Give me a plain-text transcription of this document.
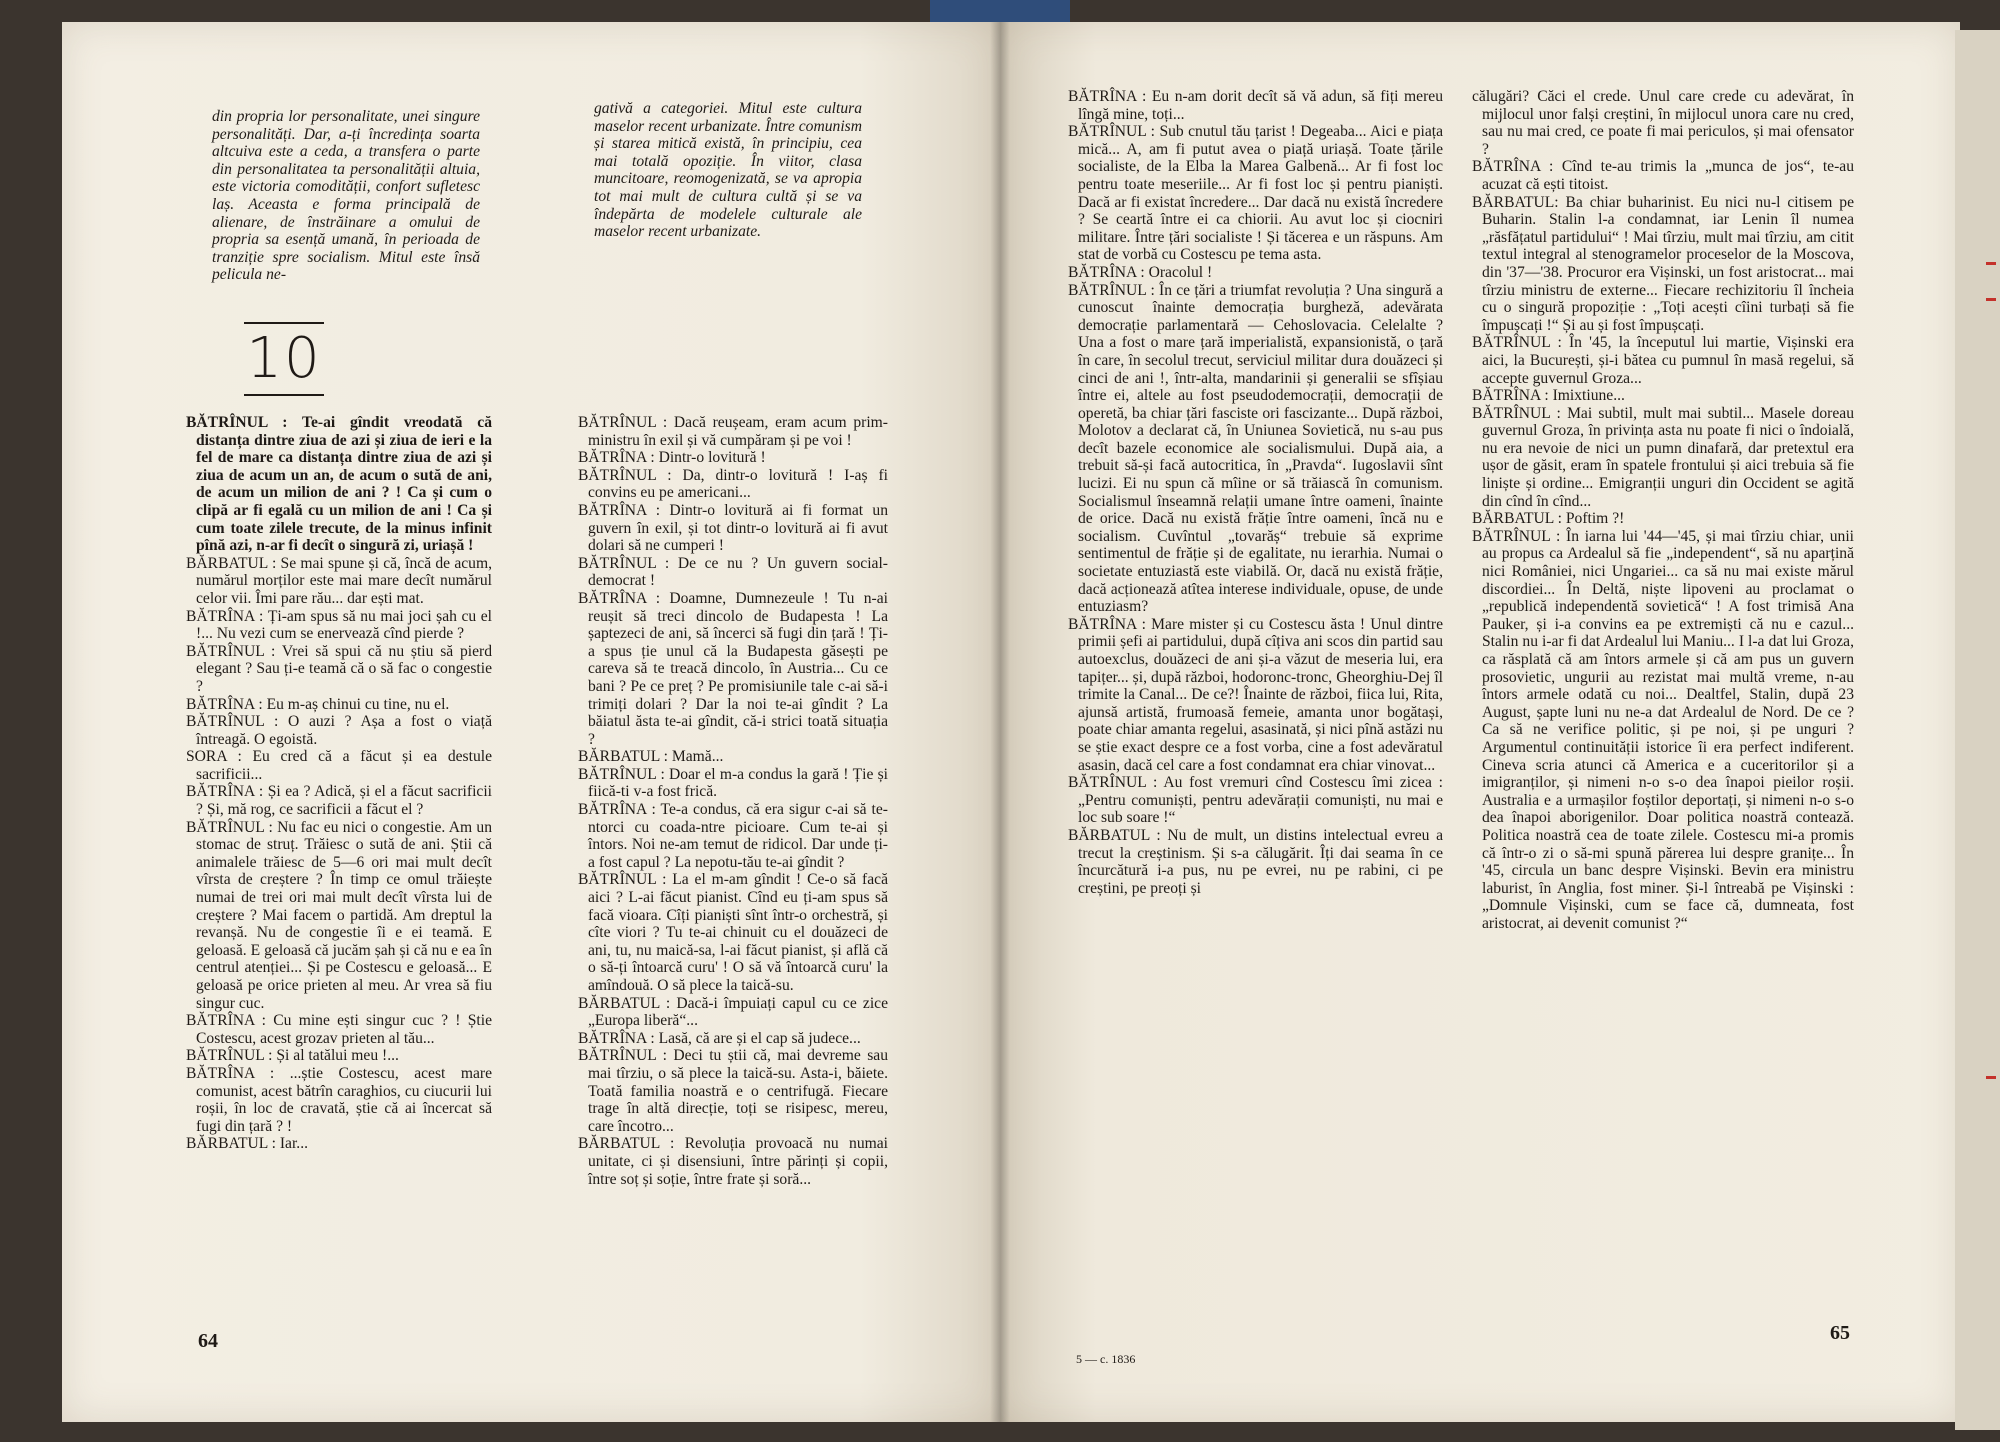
din propria lor personalitate, unei singure personalități. Dar, a-ți încredința soarta altcuiva este a ceda, a transfera o parte din personalitatea ta personalității altuia, este victoria comodității, confort sufletesc laș. Aceasta e forma principală de alienare, de înstrăinare a omului de propria sa esență umană, în perioada de tranziție spre socialism. Mitul este însă pelicula ne-

gativă a categoriei. Mitul este cultura maselor recent urbanizate. Între comunism și starea mitică există, în principiu, cea mai totală opoziție. În viitor, clasa muncitoare, reomogenizată, se va apropia tot mai mult de cultura cultă și se va îndepărta de modelele culturale ale maselor recent urbanizate.

10

BĂTRÎNUL : Te-ai gîndit vreodată că distanța dintre ziua de azi și ziua de ieri e la fel de mare ca distanța dintre ziua de azi și ziua de acum un an, de acum o sută de ani, de acum un milion de ani ? ! Ca și cum o clipă ar fi egală cu un milion de ani ! Ca și cum toate zilele trecute, de la minus infinit pînă azi, n-ar fi decît o singură zi, uriașă !

BĂRBATUL : Se mai spune și că, încă de acum, numărul morților este mai mare decît numărul celor vii. Îmi pare rău... dar ești mat.

BĂTRÎNA : Ți-am spus să nu mai joci șah cu el !... Nu vezi cum se enervează cînd pierde ?

BĂTRÎNUL : Vrei să spui că nu știu să pierd elegant ? Sau ți-e teamă că o să fac o congestie ?

BĂTRÎNA : Eu m-aș chinui cu tine, nu el.

BĂTRÎNUL : O auzi ? Așa a fost o viață întreagă. O egoistă.

SORA : Eu cred că a făcut și ea destule sacrificii...

BĂTRÎNA : Și ea ? Adică, și el a făcut sacrificii ? Și, mă rog, ce sacrificii a făcut el ?

BĂTRÎNUL : Nu fac eu nici o congestie. Am un stomac de struț. Trăiesc o sută de ani. Știi că animalele trăiesc de 5—6 ori mai mult decît vîrsta de creștere ? În timp ce omul trăiește numai de trei ori mai mult decît vîrsta lui de creștere ? Mai facem o partidă. Am dreptul la revanșă. Nu de congestie îi e ei teamă. E geloasă. E geloasă că jucăm șah și că nu e ea în centrul atenției... Și pe Costescu e geloasă... E geloasă pe orice prieten al meu. Ar vrea să fiu singur cuc.

BĂTRÎNA : Cu mine ești singur cuc ? ! Știe Costescu, acest grozav prieten al tău...

BĂTRÎNUL : Și al tatălui meu !...

BĂTRÎNA : ...știe Costescu, acest mare comunist, acest bătrîn caraghios, cu ciucurii lui roșii, în loc de cravată, știe că ai încercat să fugi din țară ? !

BĂRBATUL : Iar...

BĂTRÎNUL : Dacă reușeam, eram acum prim-ministru în exil și vă cumpăram și pe voi !

BĂTRÎNA : Dintr-o lovitură !

BĂTRÎNUL : Da, dintr-o lovitură ! I-aș fi convins eu pe americani...

BĂTRÎNA : Dintr-o lovitură ai fi format un guvern în exil, și tot dintr-o lovitură ai fi avut dolari să ne cumperi !

BĂTRÎNUL : De ce nu ? Un guvern social-democrat !

BĂTRÎNA : Doamne, Dumnezeule ! Tu n-ai reușit să treci dincolo de Budapesta ! La șaptezeci de ani, să încerci să fugi din țară ! Ți-a spus ție unul că la Budapesta găsești pe careva să te treacă dincolo, în Austria... Cu ce bani ? Pe ce preț ? Pe promisiunile tale c-ai să-i trimiți dolari ? Dar la noi te-ai gîndit ? La băiatul ăsta te-ai gîndit, că-i strici toată situația ?

BĂRBATUL : Mamă...

BĂTRÎNUL : Doar el m-a condus la gară ! Ție și fiică-ti v-a fost frică.

BĂTRÎNA : Te-a condus, că era sigur c-ai să te-ntorci cu coada-ntre picioare. Cum te-ai și întors. Noi ne-am temut de ridicol. Dar unde ți-a fost capul ? La nepotu-tău te-ai gîndit ?

BĂTRÎNUL : La el m-am gîndit ! Ce-o să facă aici ? L-ai făcut pianist. Cînd eu ți-am spus să facă vioara. Cîți pianiști sînt într-o orchestră, și cîte viori ? Tu te-ai chinuit cu el douăzeci de ani, tu, nu maică-sa, l-ai făcut pianist, și află că o să-ți întoarcă curu' ! O să vă întoarcă curu' la amîndouă. O să plece la taică-su.

BĂRBATUL : Dacă-i împuiați capul cu ce zice „Europa liberă“...

BĂTRÎNA : Lasă, că are și el cap să judece...

BĂTRÎNUL : Deci tu știi că, mai devreme sau mai tîrziu, o să plece la taică-su. Asta-i, băiete. Toată familia noastră e o centrifugă. Fiecare trage în altă direcție, toți se risipesc, mereu, care încotro...

BĂRBATUL : Revoluția provoacă nu numai unitate, ci și disensiuni, între părinți și copii, între soț și soție, între frate și soră...

64

BĂTRÎNA : Eu n-am dorit decît să vă adun, să fiți mereu lîngă mine, toți...

BĂTRÎNUL : Sub cnutul tău țarist ! Degeaba... Aici e piața mică... A, am fi putut avea o piață uriașă. Toate țările socialiste, de la Elba la Marea Galbenă... Ar fi fost loc pentru toate meseriile... Ar fi fost loc și pentru pianiști. Dacă ar fi existat încredere... Dar dacă nu există încredere ? Se ceartă între ei ca chiorii. Au avut loc și ciocniri militare. Între țări socialiste ! Și tăcerea e un răspuns. Am stat de vorbă cu Costescu pe tema asta.

BĂTRÎNA : Oracolul !

BĂTRÎNUL : În ce țări a triumfat revoluția ? Una singură a cunoscut înainte democrația burgheză, adevărata democrație parlamentară — Cehoslovacia. Celelalte ? Una a fost o mare țară imperialistă, expansionistă, o țară în care, în secolul trecut, serviciul militar dura douăzeci și cinci de ani !, într-alta, mandarinii și generalii se sfîșiau între ei, altele au fost pseudodemocrații, democrații de operetă, ba chiar țări fasciste ori fascizante... După război, Molotov a declarat că, în Uniunea Sovietică, nu s-au pus decît bazele economice ale socialismului. După aia, a trebuit să-și facă autocritica, în „Pravda“. Iugoslavii sînt lucizi. Ei nu spun că mîine or să trăiască în comunism. Socialismul înseamnă relații umane între oameni, înainte de orice. Dacă nu există frăție între oameni, încă nu e socialism. Cuvîntul „tovarăș“ trebuie să exprime sentimentul de frăție și de egalitate, nu ierarhia. Numai o societate entuziastă este viabilă. Or, dacă nu există frăție, dacă acționează atîtea interese individuale, opuse, de unde entuziasm?

BĂTRÎNA : Mare mister și cu Costescu ăsta ! Unul dintre primii șefi ai partidului, după cîțiva ani scos din partid sau autoexclus, douăzeci de ani și-a văzut de meseria lui, era tapițer... și, după război, hodoronc-tronc, Gheorghiu-Dej îl trimite la Canal... De ce?! Înainte de război, fiica lui, Rita, ajunsă artistă, frumoasă femeie, amanta unor bogătași, poate chiar amanta regelui, asasinată, și nici pînă astăzi nu se știe exact despre ce a fost vorba, cine a fost adevăratul asasin, dacă cel care a fost condamnat era chiar vinovat...

BĂTRÎNUL : Au fost vremuri cînd Costescu îmi zicea : „Pentru comuniști, pentru adevărații comuniști, nu mai e loc sub soare !“

BĂRBATUL : Nu de mult, un distins intelectual evreu a trecut la creștinism. Și s-a călugărit. Îți dai seama în ce încurcătură i-a pus, nu pe evrei, nu pe rabini, ci pe creștini, pe preoți și

călugări? Căci el crede. Unul care crede cu adevărat, în mijlocul unor falși creștini, în mijlocul unora care nu cred, sau nu mai cred, ce poate fi mai periculos, și mai ofensator ?

BĂTRÎNA : Cînd te-au trimis la „munca de jos“, te-au acuzat că ești titoist.

BĂRBATUL: Ba chiar buharinist. Eu nici nu-l citisem pe Buharin. Stalin l-a condamnat, iar Lenin îl numea „răsfățatul partidului“ ! Mai tîrziu, mult mai tîrziu, am citit textul integral al stenogramelor proceselor de la Moscova, din '37—'38. Procuror era Vișinski, un fost aristocrat... mai tîrziu ministru de externe... Fiecare rechizitoriu îl încheia cu o singură propoziție : „Toți acești cîini turbați să fie împușcați !“ Și au și fost împușcați.

BĂTRÎNUL : În '45, la începutul lui martie, Vișinski era aici, la București, și-i bătea cu pumnul în masă regelui, să accepte guvernul Groza...

BĂTRÎNA : Imixtiune...

BĂTRÎNUL : Mai subtil, mult mai subtil... Masele doreau guvernul Groza, în privința asta nu poate fi nici o îndoială, nu era nevoie de nici un pumn dinafară, dar pretextul era ușor de găsit, eram în spatele frontului și aici trebuia să fie liniște și ordine... Emigranții unguri din Occident se agită din cînd în cînd...

BĂRBATUL : Poftim ?!

BĂTRÎNUL : În iarna lui '44—'45, și mai tîrziu chiar, unii au propus ca Ardealul să fie „independent“, să nu aparțină nici României, nici Ungariei... ca să nu mai existe mărul discordiei... În Deltă, niște lipoveni au proclamat o „republică independentă sovietică“ ! A fost trimisă Ana Pauker, și i-a convins ea pe extremiști că nu e cazul... Stalin nu i-ar fi dat Ardealul lui Maniu... I l-a dat lui Groza, ca răsplată că am întors armele și că am pus un guvern prosovietic, ungurii au rezistat mai multă vreme, n-au întors armele odată cu noi... Dealtfel, Stalin, după 23 August, șapte luni nu ne-a dat Ardealul de Nord. De ce ? Ca să ne verifice politic, și pe noi, și pe unguri ? Argumentul continuității istorice îi era perfect indiferent. Cineva scria atunci că America e a cuceritorilor și a imigranților, și nimeni n-o s-o dea înapoi pieilor roșii. Australia e a urmașilor foștilor deportați, și nimeni n-o s-o dea înapoi aborigenilor. Doar politica noastră contează. Politica noastră cea de toate zilele. Costescu mi-a promis că într-o zi o să-mi spună părerea lui despre granițe... În '45, circula un banc despre Vișinski. Bevin era ministru laburist, în Anglia, fost miner. Și-l întreabă pe Vișinski : „Domnule Vișinski, cum se face că, dumneata, fost aristocrat, ai devenit comunist ?“

5 — c. 1836
65
